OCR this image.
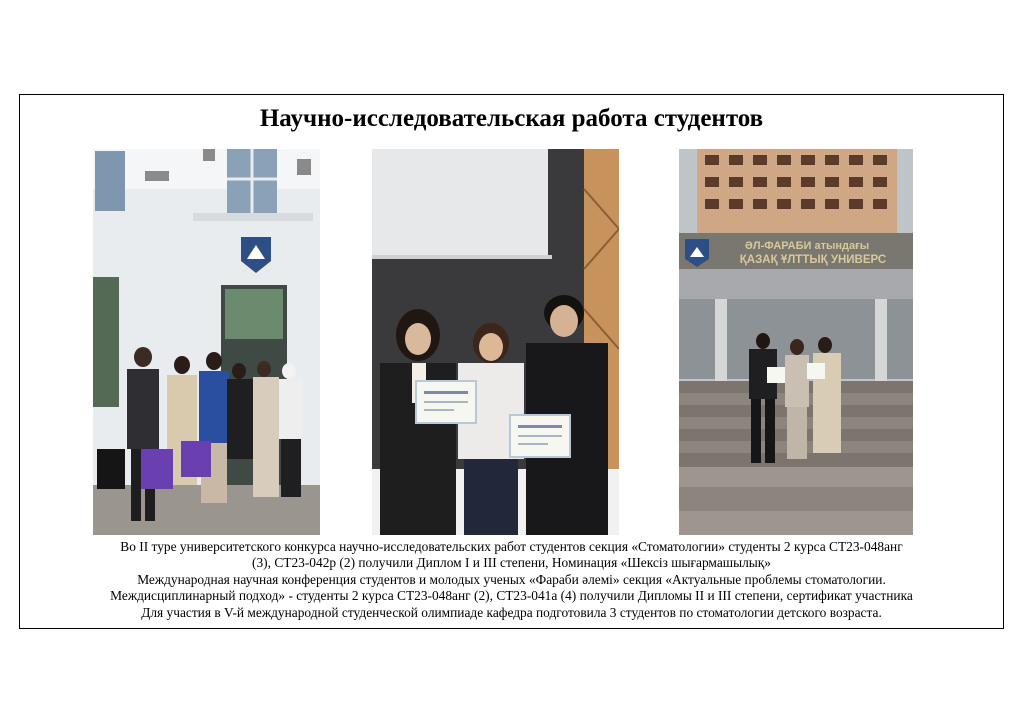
Научно-исследовательская работа студентов
ӘЛ-ФАРАБИ атындағы
ҚАЗАҚ ҰЛТТЫҚ УНИВЕРС

Во II туре университетского конкурса научно-исследовательских работ студентов секция «Стоматологии» студенты 2 курса СТ23-048анг

(3), СТ23-042р (2) получили Диплом I и III степени, Номинация «Шексіз шығармашылық»

Международная научная конференция студентов и молодых ученых «Фараби әлемі» секция «Актуальные проблемы стоматологии.

Междисциплинарный подход» - студенты 2 курса СТ23-048анг (2), СТ23-041а (4) получили Дипломы II и III степени, сертификат участника

Для участия в V-й международной студенческой олимпиаде кафедра подготовила 3 студентов по стоматологии детского возраста.
